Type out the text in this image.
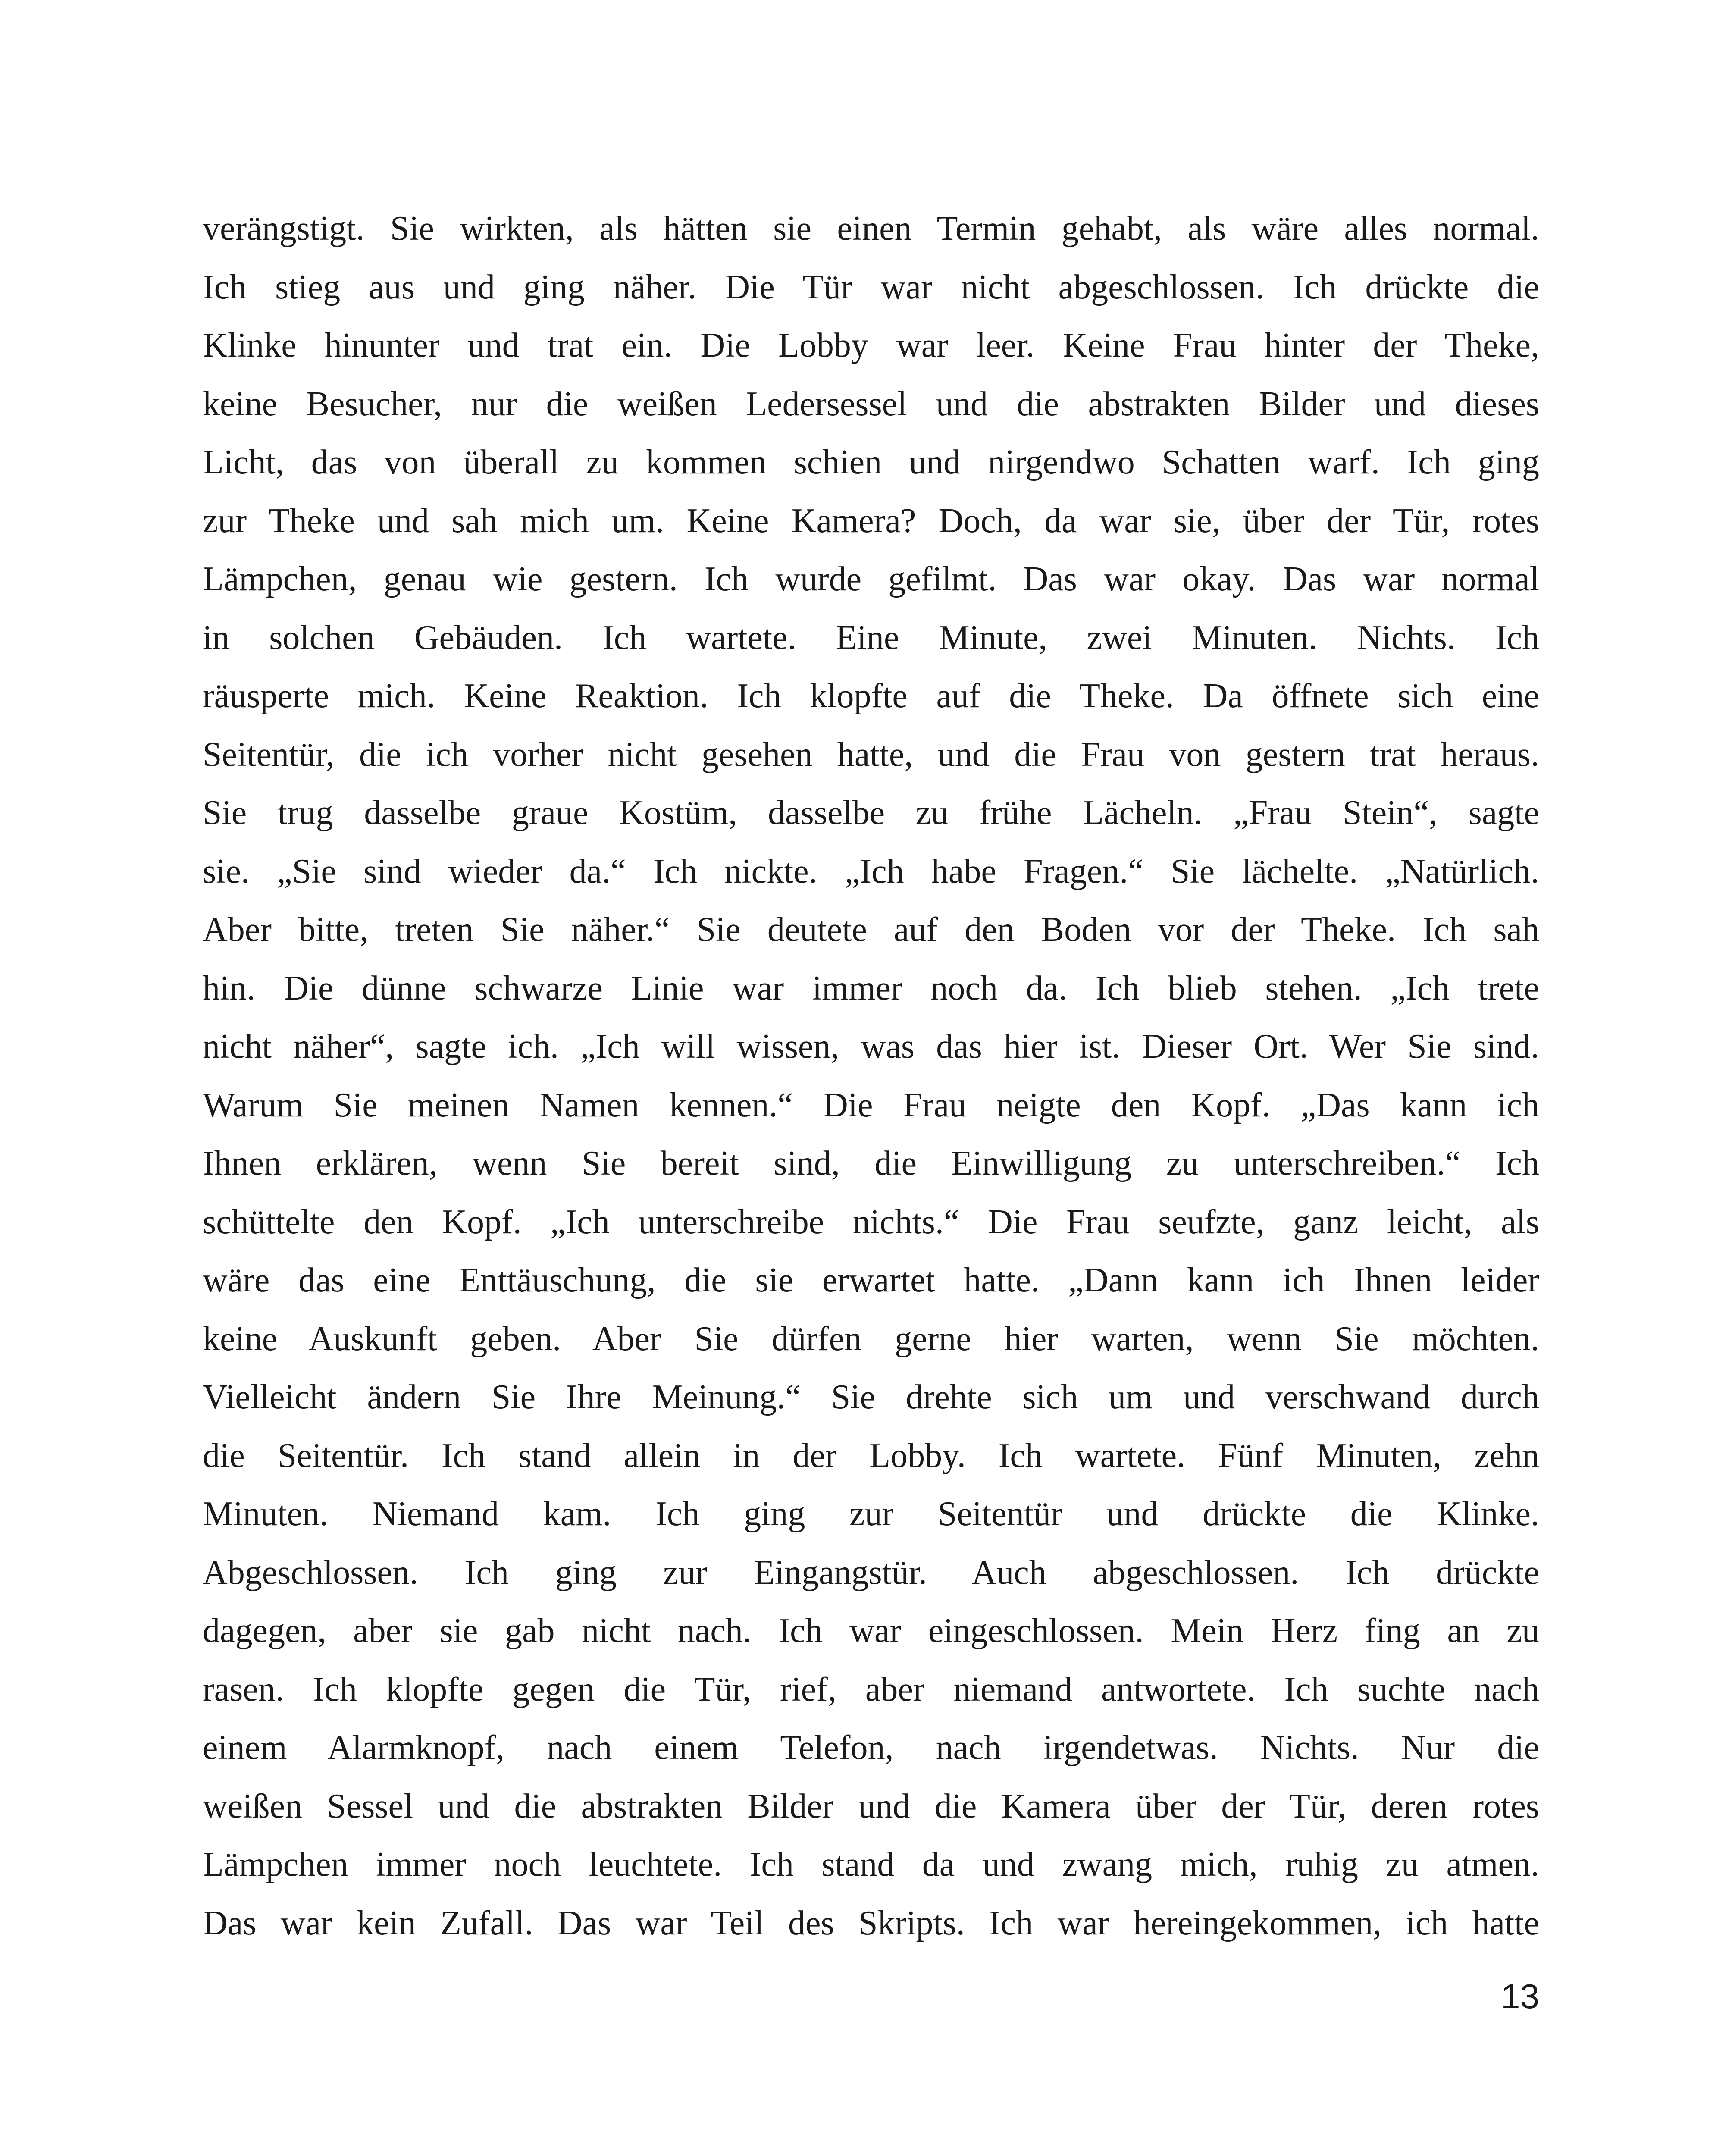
verängstigt. Sie wirkten, als hätten sie einen Termin gehabt, als wäre alles normal.
Ich stieg aus und ging näher. Die Tür war nicht abgeschlossen. Ich drückte die
Klinke hinunter und trat ein. Die Lobby war leer. Keine Frau hinter der Theke,
keine Besucher, nur die weißen Ledersessel und die abstrakten Bilder und dieses
Licht, das von überall zu kommen schien und nirgendwo Schatten warf. Ich ging
zur Theke und sah mich um. Keine Kamera? Doch, da war sie, über der Tür, rotes
Lämpchen, genau wie gestern. Ich wurde gefilmt. Das war okay. Das war normal
in solchen Gebäuden. Ich wartete. Eine Minute, zwei Minuten. Nichts. Ich
räusperte mich. Keine Reaktion. Ich klopfte auf die Theke. Da öffnete sich eine
Seitentür, die ich vorher nicht gesehen hatte, und die Frau von gestern trat heraus.
Sie trug dasselbe graue Kostüm, dasselbe zu frühe Lächeln. „Frau Stein“, sagte
sie. „Sie sind wieder da.“ Ich nickte. „Ich habe Fragen.“ Sie lächelte. „Natürlich.
Aber bitte, treten Sie näher.“ Sie deutete auf den Boden vor der Theke. Ich sah
hin. Die dünne schwarze Linie war immer noch da. Ich blieb stehen. „Ich trete
nicht näher“, sagte ich. „Ich will wissen, was das hier ist. Dieser Ort. Wer Sie sind.
Warum Sie meinen Namen kennen.“ Die Frau neigte den Kopf. „Das kann ich
Ihnen erklären, wenn Sie bereit sind, die Einwilligung zu unterschreiben.“ Ich
schüttelte den Kopf. „Ich unterschreibe nichts.“ Die Frau seufzte, ganz leicht, als
wäre das eine Enttäuschung, die sie erwartet hatte. „Dann kann ich Ihnen leider
keine Auskunft geben. Aber Sie dürfen gerne hier warten, wenn Sie möchten.
Vielleicht ändern Sie Ihre Meinung.“ Sie drehte sich um und verschwand durch
die Seitentür. Ich stand allein in der Lobby. Ich wartete. Fünf Minuten, zehn
Minuten. Niemand kam. Ich ging zur Seitentür und drückte die Klinke.
Abgeschlossen. Ich ging zur Eingangstür. Auch abgeschlossen. Ich drückte
dagegen, aber sie gab nicht nach. Ich war eingeschlossen. Mein Herz fing an zu
rasen. Ich klopfte gegen die Tür, rief, aber niemand antwortete. Ich suchte nach
einem Alarmknopf, nach einem Telefon, nach irgendetwas. Nichts. Nur die
weißen Sessel und die abstrakten Bilder und die Kamera über der Tür, deren rotes
Lämpchen immer noch leuchtete. Ich stand da und zwang mich, ruhig zu atmen.
Das war kein Zufall. Das war Teil des Skripts. Ich war hereingekommen, ich hatte
13
